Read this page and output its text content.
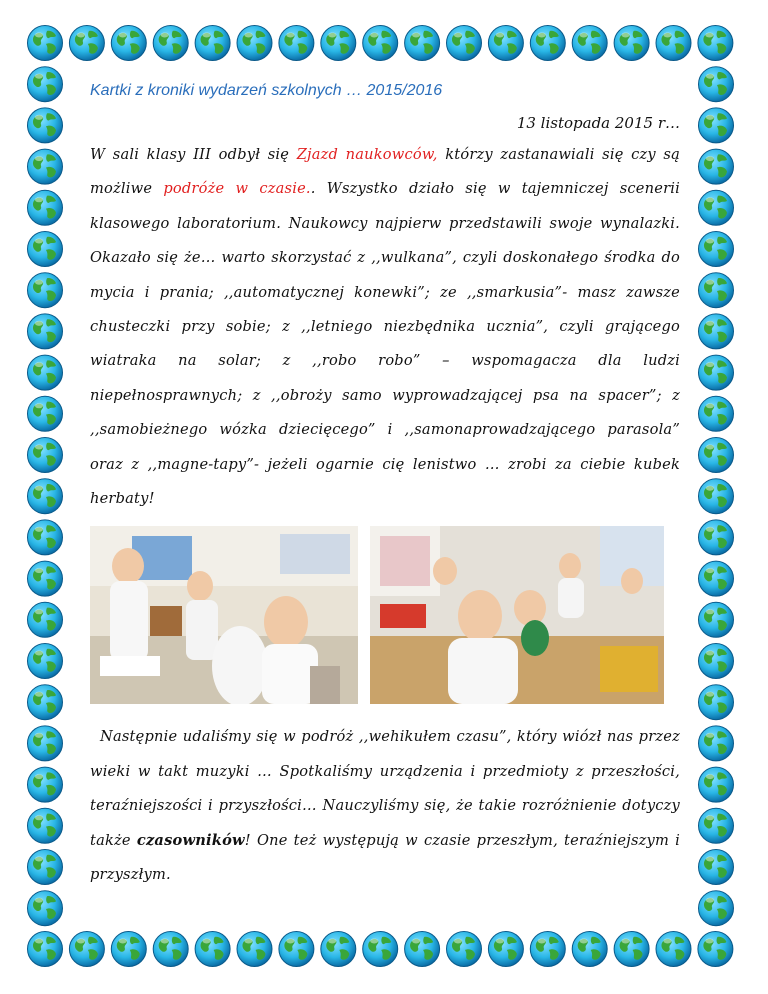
Kartki z kroniki wydarzeń szkolnych … 2015/2016

13 listopada 2015 r…

W sali klasy III odbył się Zjazd naukowców, którzy zastanawiali się czy są możliwe podróże w czasie.. Wszystko działo się w tajemniczej scenerii klasowego laboratorium. Naukowcy najpierw przedstawili swoje wynalazki. Okazało się że… warto skorzystać z ,,wulkana”, czyli doskonałego środka do mycia i prania; ,,automatycznej konewki”; ze ,,smarkusia”- masz zawsze chusteczki przy sobie; z ,,letniego niezbędnika ucznia”, czyli grającego wiatraka na solar; z ,,robo robo” – wspomagacza dla ludzi niepełnosprawnych; z ,,obroży samo wyprowadzającej psa na spacer”; z ,,samobieżnego wózka dziecięcego” i ,,samonaprowadzającego parasola” oraz z ,,magne-tapy”- jeżeli ogarnie cię lenistwo … zrobi za ciebie kubek herbaty!

Następnie udaliśmy się w podróż ,,wehikułem czasu”, który wiózł nas przez wieki w takt muzyki … Spotkaliśmy urządzenia i przedmioty z przeszłości, teraźniejszości i przyszłości… Nauczyliśmy się, że takie rozróżnienie dotyczy także czasowników! One też występują w czasie przeszłym, teraźniejszym i przyszłym.
